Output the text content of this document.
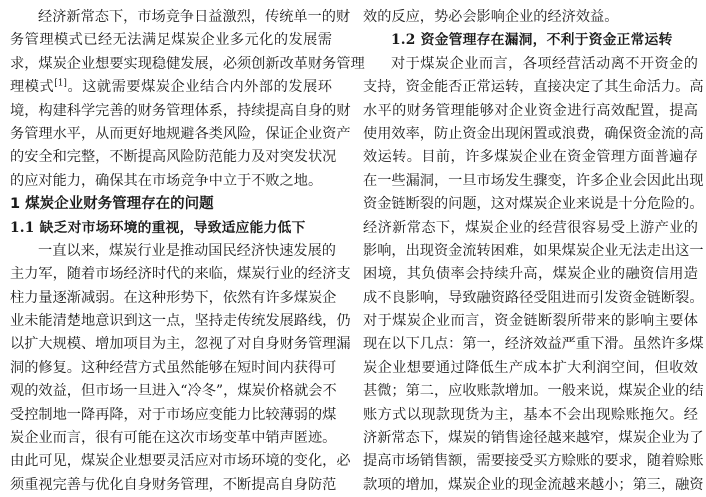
经济新常态下，市场竞争日益激烈，传统单一的财
务管理模式已经无法满足煤炭企业多元化的发展需
求，煤炭企业想要实现稳健发展，必须创新改革财务管理
理模式[1]。这就需要煤炭企业结合内外部的发展环
境，构建科学完善的财务管理体系，持续提高自身的财
务管理水平，从而更好地规避各类风险，保证企业资产
的安全和完整，不断提高风险防范能力及对突发状况
的应对能力，确保其在市场竞争中立于不败之地。
1 煤炭企业财务管理存在的问题
1.1 缺乏对市场环境的重视，导致适应能力低下
一直以来，煤炭行业是推动国民经济快速发展的
主力军，随着市场经济时代的来临，煤炭行业的经济支
柱力量逐渐减弱。在这种形势下，依然有许多煤炭企
业未能清楚地意识到这一点，坚持走传统发展路线，仍
以扩大规模、增加项目为主，忽视了对自身财务管理漏
洞的修复。这种经营方式虽然能够在短时间内获得可
观的效益，但市场一旦进入“冷冬”，煤炭价格就会不
受控制地一降再降，对于市场应变能力比较薄弱的煤
炭企业而言，很有可能在这次市场变革中销声匿迹。
由此可见，煤炭企业想要灵活应对市场环境的变化，必
须重视完善与优化自身财务管理，不断提高自身防范
效的反应，势必会影响企业的经济效益。
1.2 资金管理存在漏洞，不利于资金正常运转
对于煤炭企业而言，各项经营活动离不开资金的
支持，资金能否正常运转，直接决定了其生命活力。高
水平的财务管理能够对企业资金进行高效配置，提高
使用效率，防止资金出现闲置或浪费，确保资金流的高
效运转。目前，许多煤炭企业在资金管理方面普遍存
在一些漏洞，一旦市场发生骤变，许多企业会因此出现
资金链断裂的问题，这对煤炭企业来说是十分危险的。
经济新常态下，煤炭企业的经营很容易受上游产业的
影响，出现资金流转困难，如果煤炭企业无法走出这一
困境，其负债率会持续升高，煤炭企业的融资信用造
成不良影响，导致融资路径受阻进而引发资金链断裂。
对于煤炭企业而言，资金链断裂所带来的影响主要体
现在以下几点：第一，经济效益严重下滑。虽然许多煤
炭企业想要通过降低生产成本扩大利润空间，但收效
甚微；第二，应收账款增加。一般来说，煤炭企业的结
账方式以现款现货为主，基本不会出现赊账拖欠。经
济新常态下，煤炭的销售途径越来越窄，煤炭企业为了
提高市场销售额，需要接受买方赊账的要求，随着赊账
款项的增加，煤炭企业的现金流越来越小；第三，融资
